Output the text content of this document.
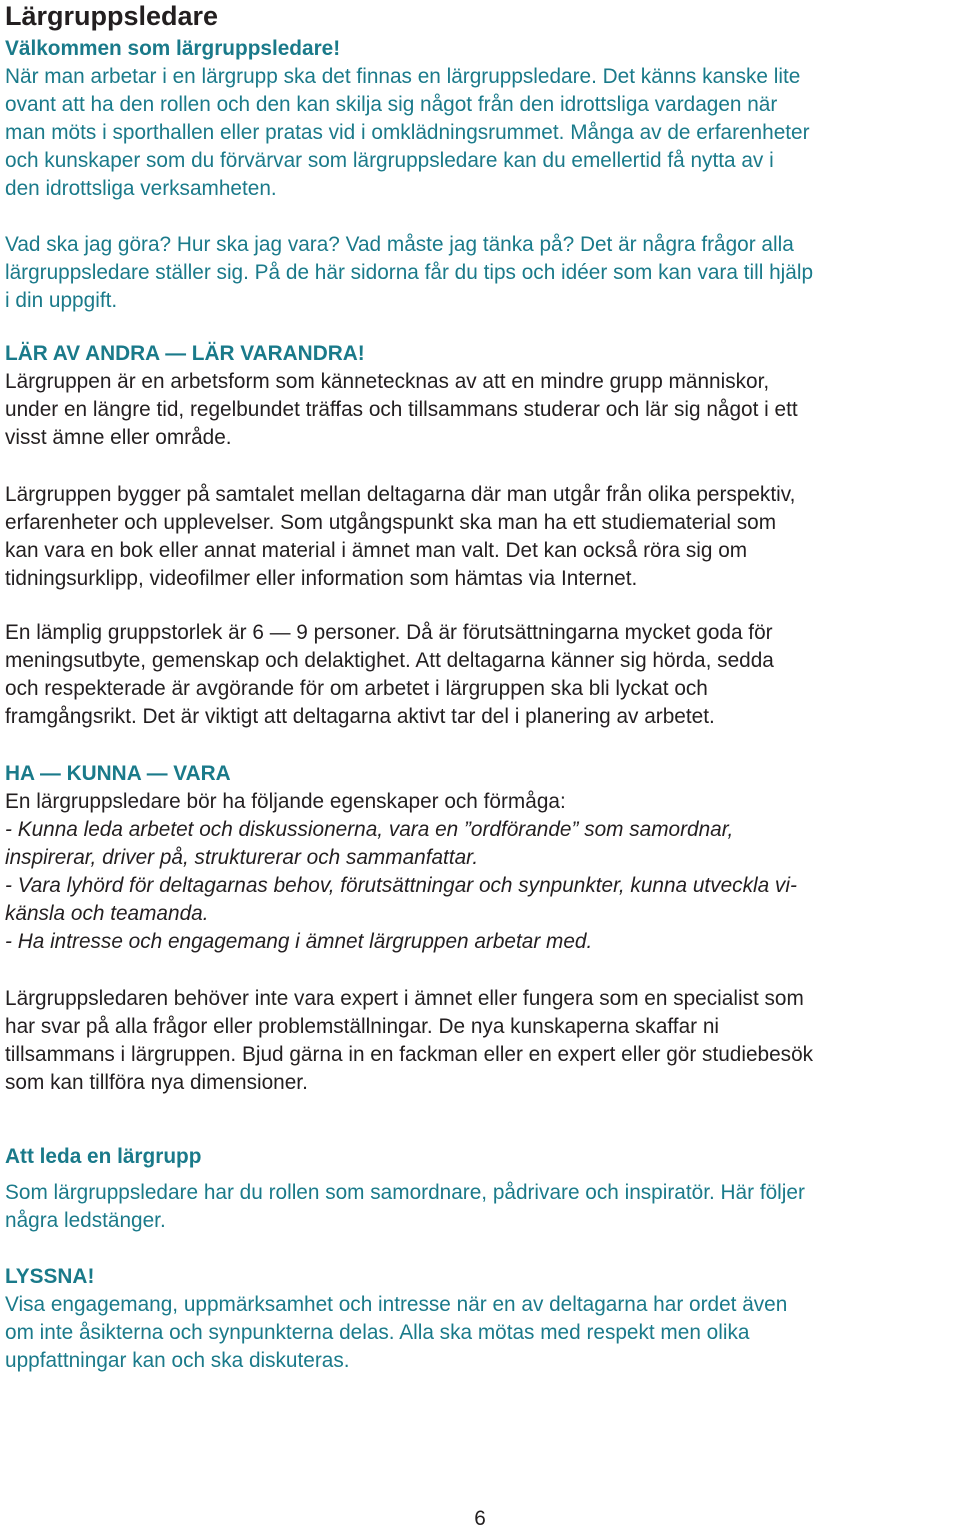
Lärgruppsledare
Välkommen som lärgruppsledare!
När man arbetar i en lärgrupp ska det finnas en lärgruppsledare. Det känns kanske lite
ovant att ha den rollen och den kan skilja sig något från den idrottsliga vardagen när
man möts i sporthallen eller pratas vid i omklädningsrummet. Många av de erfarenheter
och kunskaper som du förvärvar som lärgruppsledare kan du emellertid få nytta av i
den idrottsliga verksamheten.
Vad ska jag göra? Hur ska jag vara? Vad måste jag tänka på? Det är några frågor alla
lärgruppsledare ställer sig. På de här sidorna får du tips och idéer som kan vara till hjälp
i din uppgift.
LÄR AV ANDRA — LÄR VARANDRA!
Lärgruppen är en arbetsform som kännetecknas av att en mindre grupp människor,
under en längre tid, regelbundet träffas och tillsammans studerar och lär sig något i ett
visst ämne eller område.
Lärgruppen bygger på samtalet mellan deltagarna där man utgår från olika perspektiv,
erfarenheter och upplevelser. Som utgångspunkt ska man ha ett studiematerial som
kan vara en bok eller annat material i ämnet man valt. Det kan också röra sig om
tidningsurklipp, videofilmer eller information som hämtas via Internet.
En lämplig gruppstorlek är 6 — 9 personer. Då är förutsättningarna mycket goda för
meningsutbyte, gemenskap och delaktighet. Att deltagarna känner sig hörda, sedda
och respekterade är avgörande för om arbetet i lärgruppen ska bli lyckat och
framgångsrikt. Det är viktigt att deltagarna aktivt tar del i planering av arbetet.
HA — KUNNA — VARA
En lärgruppsledare bör ha följande egenskaper och förmåga:
- Kunna leda arbetet och diskussionerna, vara en ”ordförande” som samordnar,
inspirerar, driver på, strukturerar och sammanfattar.
- Vara lyhörd för deltagarnas behov, förutsättningar och synpunkter, kunna utveckla vi-
känsla och teamanda.
- Ha intresse och engagemang i ämnet lärgruppen arbetar med.
Lärgruppsledaren behöver inte vara expert i ämnet eller fungera som en specialist som
har svar på alla frågor eller problemställningar. De nya kunskaperna skaffar ni
tillsammans i lärgruppen. Bjud gärna in en fackman eller en expert eller gör studiebesök
som kan tillföra nya dimensioner.
Att leda en lärgrupp
Som lärgruppsledare har du rollen som samordnare, pådrivare och inspiratör. Här följer
några ledstänger.
LYSSNA!
Visa engagemang, uppmärksamhet och intresse när en av deltagarna har ordet även
om inte åsikterna och synpunkterna delas. Alla ska mötas med respekt men olika
uppfattningar kan och ska diskuteras.
6
